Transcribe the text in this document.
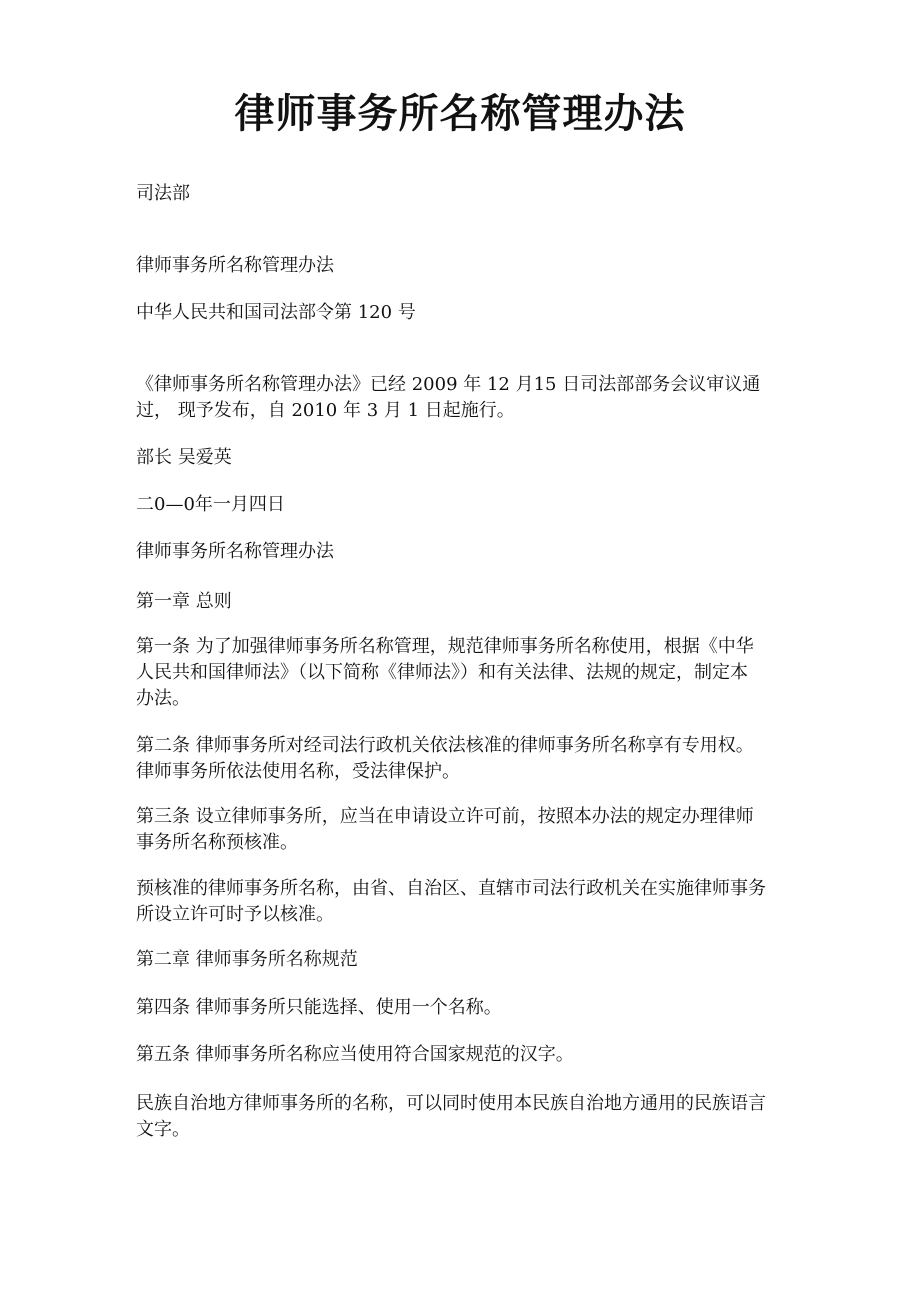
律师事务所名称管理办法

司法部

律师事务所名称管理办法

中华人民共和国司法部令第 120 号

《律师事务所名称管理办法》已经 2009 年 12 月15 日司法部部务会议审议通

过， 现予发布，自 2010 年 3 月 1 日起施行。

部长 吴爱英

二0—0年一月四日

律师事务所名称管理办法

第一章 总则

第一条 为了加强律师事务所名称管理，规范律师事务所名称使用，根据《中华

人民共和国律师法》（以下简称《律师法》）和有关法律、法规的规定，制定本

办法。

第二条 律师事务所对经司法行政机关依法核准的律师事务所名称享有专用权。

律师事务所依法使用名称，受法律保护。

第三条 设立律师事务所，应当在申请设立许可前，按照本办法的规定办理律师

事务所名称预核准。

预核准的律师事务所名称，由省、自治区、直辖市司法行政机关在实施律师事务

所设立许可时予以核准。

第二章 律师事务所名称规范

第四条 律师事务所只能选择、使用一个名称。

第五条 律师事务所名称应当使用符合国家规范的汉字。

民族自治地方律师事务所的名称，可以同时使用本民族自治地方通用的民族语言

文字。
